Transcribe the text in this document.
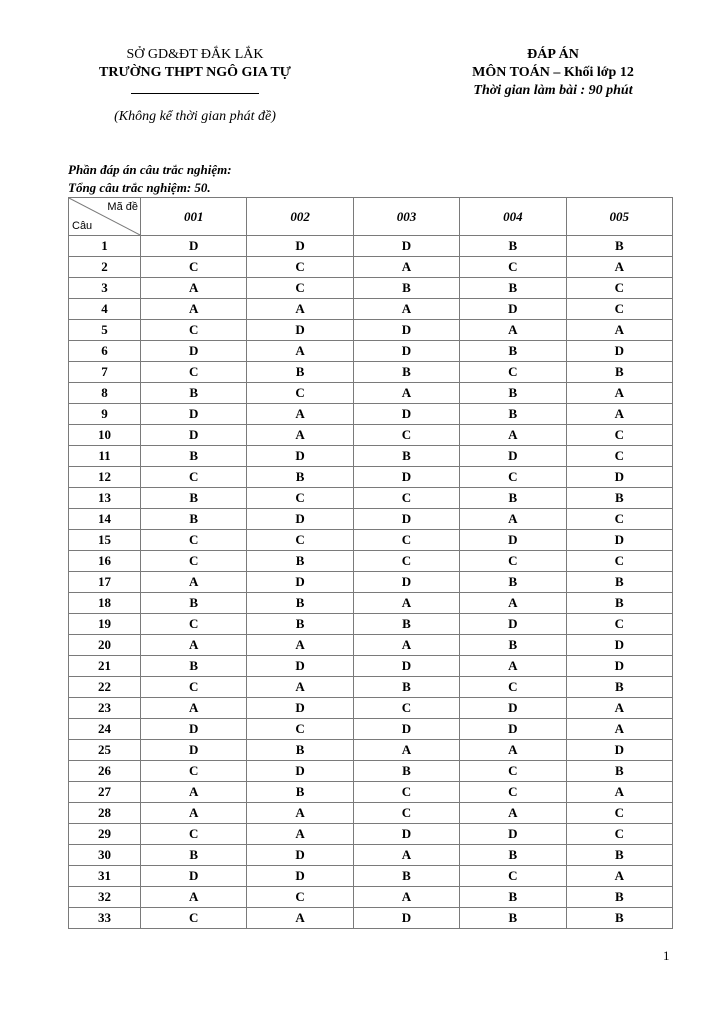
SỞ GD&ĐT ĐẮK LẮK
TRƯỜNG THPT NGÔ GIA TỰ
(Không kể thời gian phát đề)
ĐÁP ÁN
MÔN TOÁN – Khối lớp 12
Thời gian làm bài : 90 phút
Phần đáp án câu trắc nghiệm:
Tổng câu trắc nghiệm: 50.
Mã đề
Câu	001	002	003	004	005
1	D	D	D	B	B
2	C	C	A	C	A
3	A	C	B	B	C
4	A	A	A	D	C
5	C	D	D	A	A
6	D	A	D	B	D
7	C	B	B	C	B
8	B	C	A	B	A
9	D	A	D	B	A
10	D	A	C	A	C
11	B	D	B	D	C
12	C	B	D	C	D
13	B	C	C	B	B
14	B	D	D	A	C
15	C	C	C	D	D
16	C	B	C	C	C
17	A	D	D	B	B
18	B	B	A	A	B
19	C	B	B	D	C
20	A	A	A	B	D
21	B	D	D	A	D
22	C	A	B	C	B
23	A	D	C	D	A
24	D	C	D	D	A
25	D	B	A	A	D
26	C	D	B	C	B
27	A	B	C	C	A
28	A	A	C	A	C
29	C	A	D	D	C
30	B	D	A	B	B
31	D	D	B	C	A
32	A	C	A	B	B
33	C	A	D	B	B
1
